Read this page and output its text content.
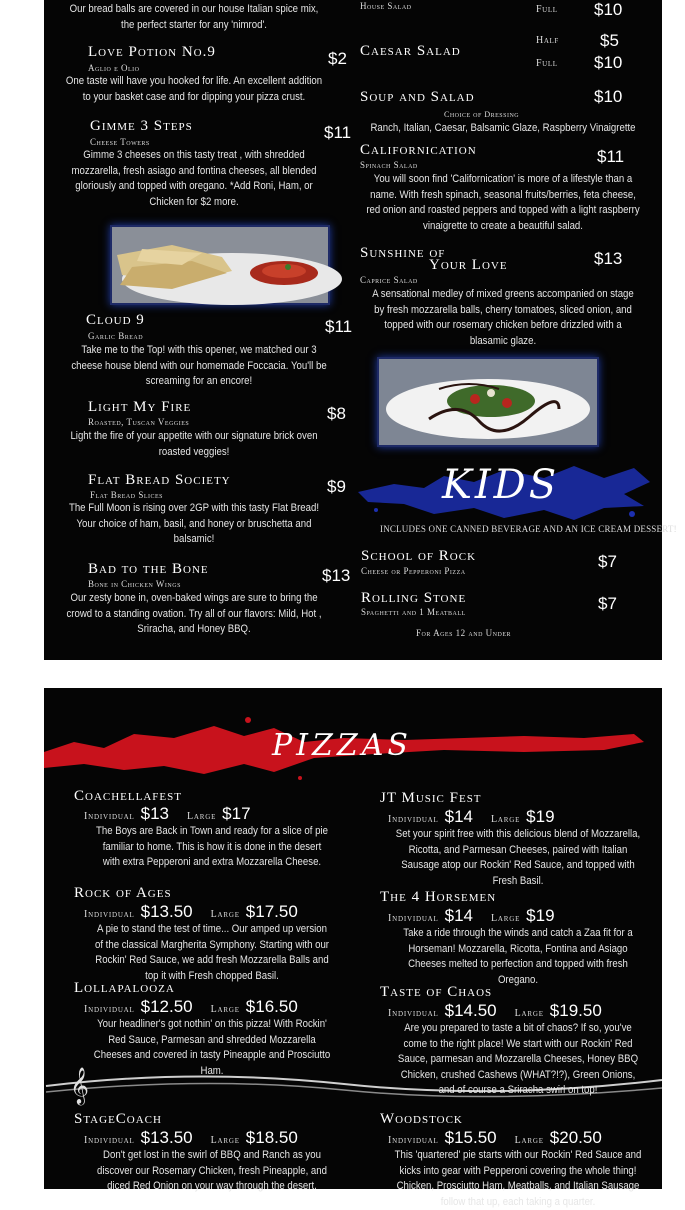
Our bread balls are covered in our house Italian spice mix, the perfect starter for any 'nimrod'.
Love Potion No.9
Aglio e Olio	$2
One taste will have you hooked for life. An excellent addition to your basket case and for dipping your pizza crust.
Gimme 3 Steps
Cheese Towers	$11
Gimme 3 cheeses on this tasty treat , with shredded mozzarella, fresh asiago and fontina cheeses, all blended gloriously and topped with oregano. *Add Roni, Ham, or Chicken for $2 more.
Cloud 9
Garlic Bread	$11
Take me to the Top! with this opener, we matched our 3 cheese house blend with our homemade Foccacia. You'll be screaming for an encore!
Light My Fire
Roasted, Tuscan Veggies	$8
Light the fire of your appetite with our signature brick oven roasted veggies!
Flat Bread Society
Flat Bread Slices	$9
The Full Moon is rising over 2GP with this tasty Flat Bread! Your choice of ham, basil, and honey or bruschetta and balsamic!
Bad to the Bone
Bone in Chicken Wings	$13
Our zesty bone in, oven-baked wings are sure to bring the crowd to a standing ovation. Try all of our flavors: Mild, Hot , Sriracha, and Honey BBQ.
House Salad	Full $10
Caesar Salad
Half $5
Full $10
Soup and Salad	$10
Choice of Dressing
Ranch, Italian, Caesar, Balsamic Glaze, Raspberry Vinaigrette
Californication
Spinach Salad	$11
You will soon find 'Californication' is more of a lifestyle than a name. With fresh spinach, seasonal fruits/berries, feta cheese, red onion and roasted peppers and topped with a light raspberry vinaigrette to create a beautiful salad.
Sunshine of
Your Love
Caprice Salad
$13
A sensational medley of mixed greens accompanied on stage by fresh mozzarella balls, cherry tomatoes, sliced onion, and topped with our rosemary chicken before drizzled with a blasamic glaze.
KIDS
INCLUDES ONE CANNED BEVERAGE AND AN ICE CREAM DESSERT!
School of Rock
Cheese or Pepperoni Pizza	$7
Rolling Stone
Spaghetti and 1 Meatball	$7
For Ages 12 and Under
PIZZAS
𝄞
Coachellafest
Individual $13 Large $17
The Boys are Back in Town and ready for a slice of pie familiar to home. This is how it is done in the desert with extra Pepperoni and extra Mozzarella Cheese.
JT Music Fest
Individual $14 Large $19
Set your spirit free with this delicious blend of Mozzarella, Ricotta, and Parmesan Cheeses, paired with Italian Sausage atop our Rockin' Red Sauce, and topped with Fresh Basil.
Rock of Ages
Individual $13.50 Large $17.50
A pie to stand the test of time... Our amped up version of the classical Margherita Symphony. Starting with our Rockin' Red Sauce, we add fresh Mozzarella Balls and top it with Fresh chopped Basil.
The 4 Horsemen
Individual $14 Large $19
Take a ride through the winds and catch a Zaa fit for a Horseman! Mozzarella, Ricotta, Fontina and Asiago Cheeses melted to perfection and topped with fresh Oregano.
Lollapalooza
Individual $12.50 Large $16.50
Your headliner's got nothin' on this pizza! With Rockin' Red Sauce, Parmesan and shredded Mozzarella Cheeses and covered in tasty Pineapple and Prosciutto Ham.
Taste of Chaos
Individual $14.50 Large $19.50
Are you prepared to taste a bit of chaos? If so, you've come to the right place! We start with our Rockin' Red Sauce, parmesan and Mozzarella Cheeses, Honey BBQ Chicken, crushed Cashews (WHAT?!?), Green Onions, and of course a Sriracha swirl on top!
StageCoach
Individual $13.50 Large $18.50
Don't get lost in the swirl of BBQ and Ranch as you discover our Rosemary Chicken, fresh Pineapple, and diced Red Onion on your way through the desert.
Woodstock
Individual $15.50 Large $20.50
This 'quartered' pie starts with our Rockin' Red Sauce and kicks into gear with Pepperoni covering the whole thing! Chicken, Prosciutto Ham, Meatballs, and Italian Sausage follow that up, each taking a quarter.
